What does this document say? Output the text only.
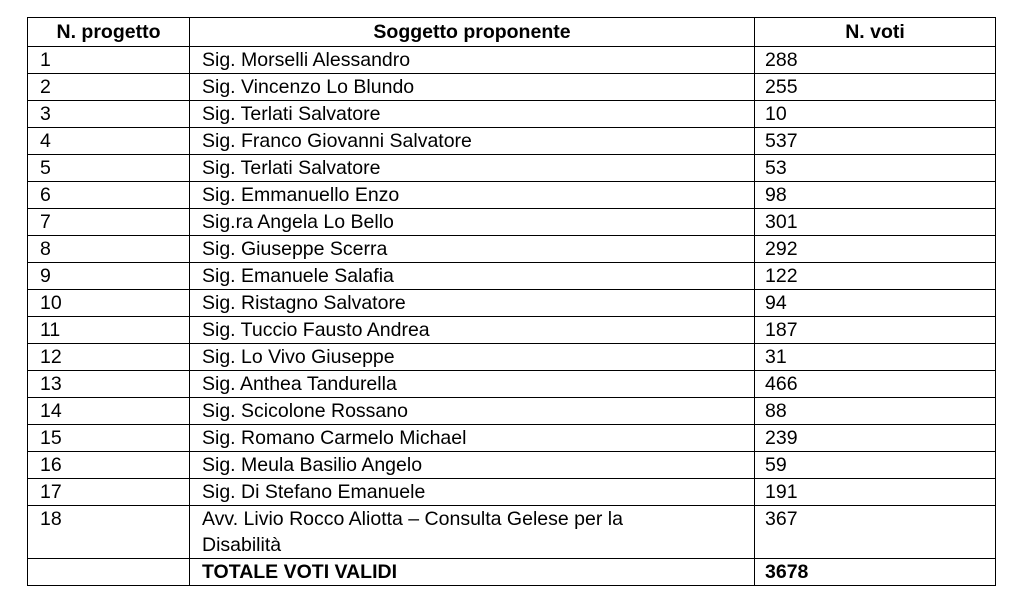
N. progetto	Soggetto proponente	N. voti
1	Sig. Morselli Alessandro	288
2	Sig. Vincenzo Lo Blundo	255
3	Sig. Terlati Salvatore	10
4	Sig. Franco Giovanni Salvatore	537
5	Sig. Terlati Salvatore	53
6	Sig. Emmanuello Enzo	98
7	Sig.ra Angela Lo Bello	301
8	Sig. Giuseppe Scerra	292
9	Sig. Emanuele Salafia	122
10	Sig. Ristagno Salvatore	94
11	Sig. Tuccio Fausto Andrea	187
12	Sig. Lo Vivo Giuseppe	31
13	Sig. Anthea Tandurella	466
14	Sig. Scicolone Rossano	88
15	Sig. Romano Carmelo Michael	239
16	Sig. Meula Basilio Angelo	59
17	Sig. Di Stefano Emanuele	191
18	Avv. Livio Rocco Aliotta – Consulta Gelese per la Disabilità	367
	TOTALE VOTI VALIDI	3678
